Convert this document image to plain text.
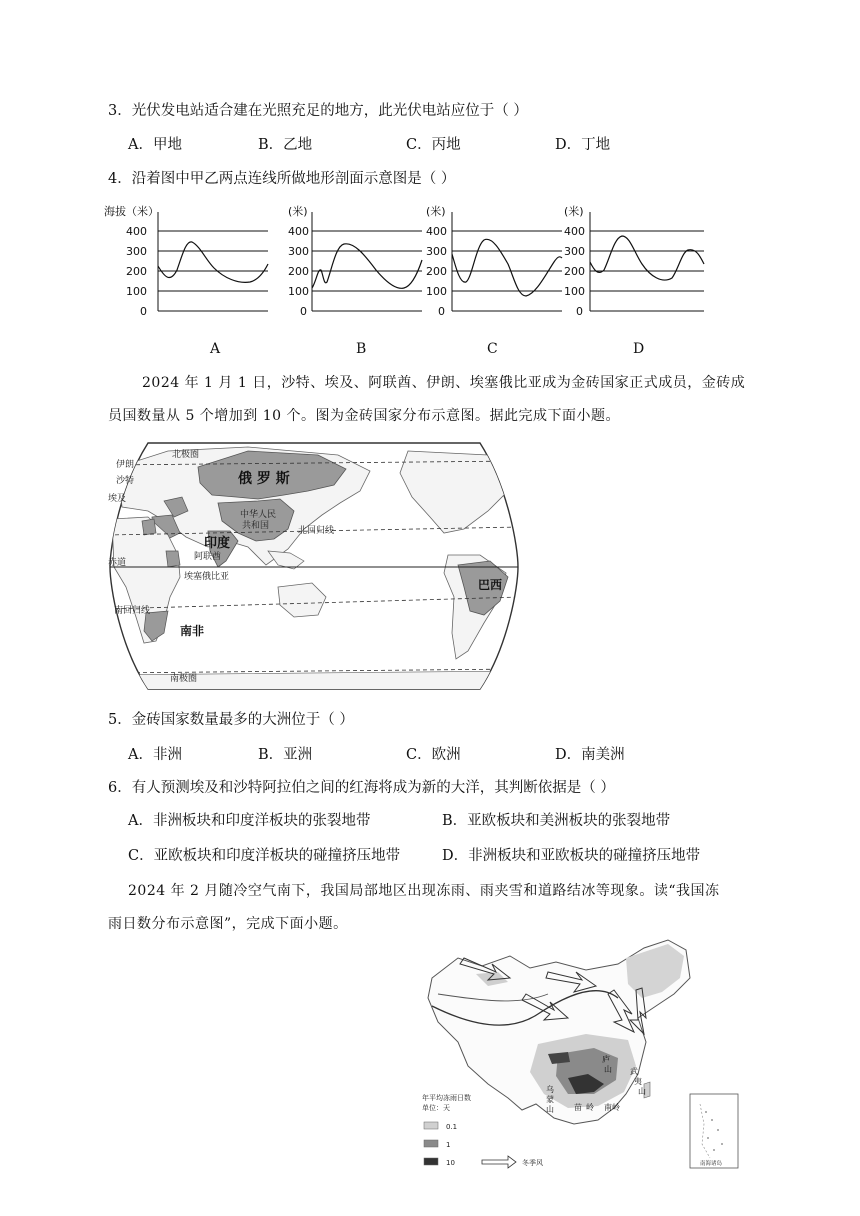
3．光伏发电站适合建在光照充足的地方，此光伏电站应位于（ ）
A．甲地	B．乙地	C．丙地	D．丁地
4．沿着图中甲乙两点连线所做地形剖面示意图是（ ）
海拔（米）
400
300
200
100
0
A
(米)
400
300
200
100
0
B
(米)
400
300
200
100
0
C
(米)
400
300
200
100
0
D
2024 年 1 月 1 日，沙特、埃及、阿联酋、伊朗、埃塞俄比亚成为金砖国家正式成员，金砖成
员国数量从 5 个增加到 10 个。图为金砖国家分布示意图。据此完成下面小题。
北极圈
伊朗
沙特
埃及
俄 罗 斯
中华人民
共和国
印度
阿联酋
北回归线
赤道
埃塞俄比亚
南回归线
南非
巴西
南极圈
5．金砖国家数量最多的大洲位于（ ）
A．非洲	B．亚洲	C．欧洲	D．南美洲
6．有人预测埃及和沙特阿拉伯之间的红海将成为新的大洋，其判断依据是（ ）
A．非洲板块和印度洋板块的张裂地带	B．亚欧板块和美洲板块的张裂地带
C．亚欧板块和印度洋板块的碰撞挤压地带	D．非洲板块和亚欧板块的碰撞挤压地带
2024 年 2 月随冷空气南下，我国局部地区出现冻雨、雨夹雪和道路结冰等现象。读“我国冻
雨日数分布示意图”，完成下面小题。
年平均冻雨日数
单位：天
0.1
1
10	冬季风
乌
蒙
山	苗 岭 南岭
武
夷
山
庐
山
南海诸岛
